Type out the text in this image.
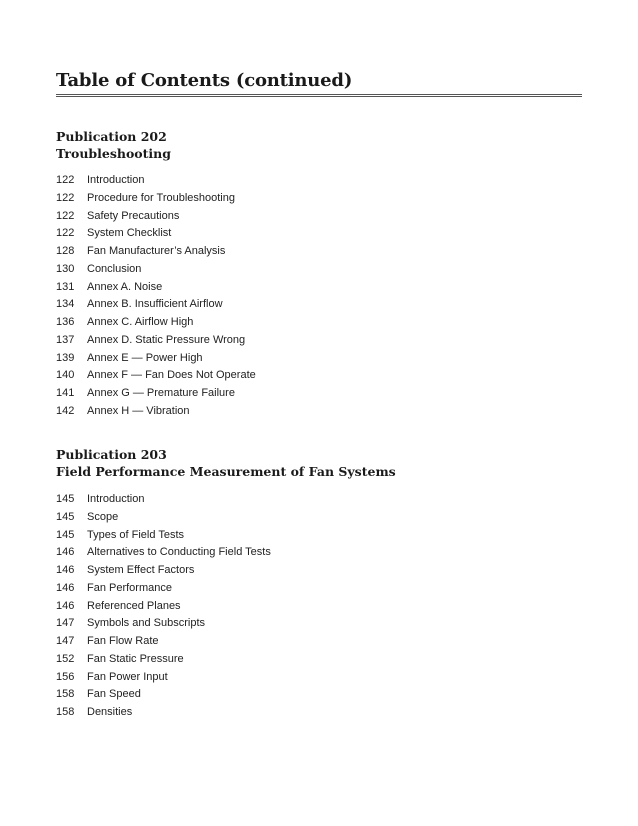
Table of Contents (continued)
Publication 202
Troubleshooting
122	Introduction
122	Procedure for Troubleshooting
122	Safety Precautions
122	System Checklist
128	Fan Manufacturer’s Analysis
130	Conclusion
131	Annex A. Noise
134	Annex B. Insufficient Airflow
136	Annex C. Airflow High
137	Annex D. Static Pressure Wrong
139	Annex E — Power High
140	Annex F — Fan Does Not Operate
141	Annex G — Premature Failure
142	Annex H — Vibration
Publication 203
Field Performance Measurement of Fan Systems
145	Introduction
145	Scope
145	Types of Field Tests
146	Alternatives to Conducting Field Tests
146	System Effect Factors
146	Fan Performance
146	Referenced Planes
147	Symbols and Subscripts
147	Fan Flow Rate
152	Fan Static Pressure
156	Fan Power Input
158	Fan Speed
158	Densities
